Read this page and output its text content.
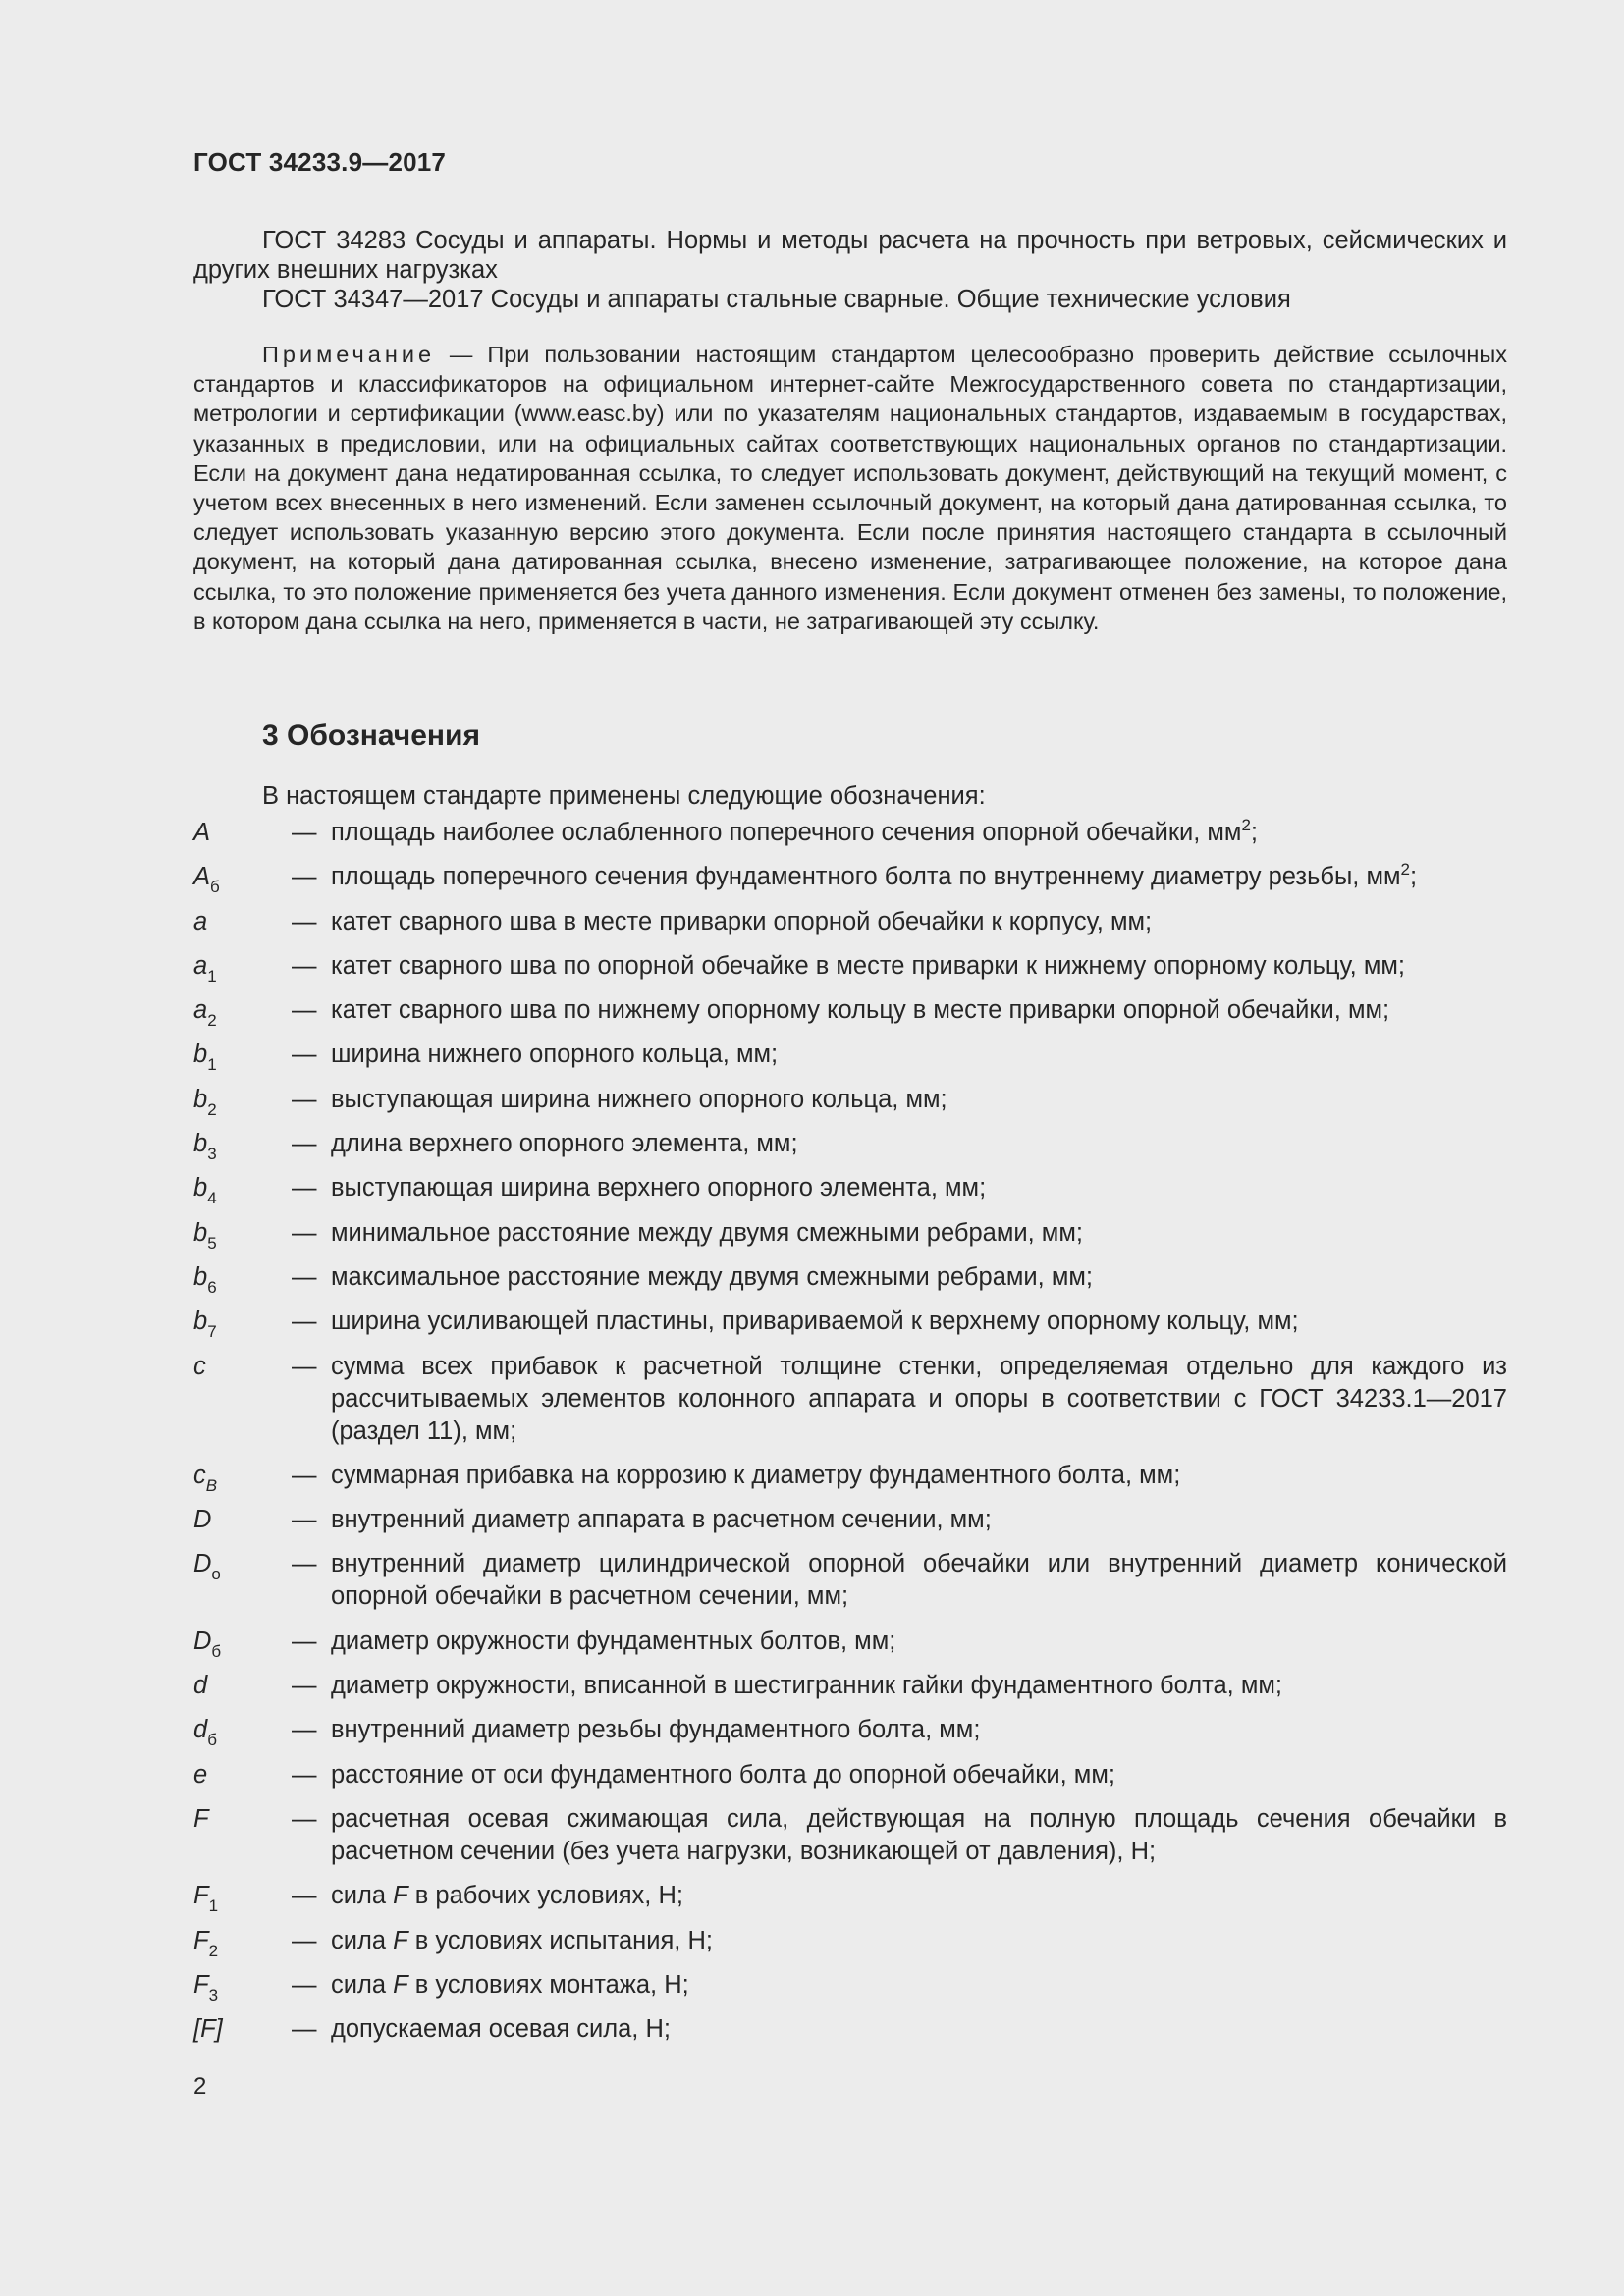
ГОСТ 34233.9—2017

ГОСТ 34283 Сосуды и аппараты. Нормы и методы расчета на прочность при ветровых, сейсмических и других внешних нагрузках

ГОСТ 34347—2017 Сосуды и аппараты стальные сварные. Общие технические условия

Примечание — При пользовании настоящим стандартом целесообразно проверить действие ссылочных стандартов и классификаторов на официальном интернет-сайте Межгосударственного совета по стандартизации, метрологии и сертификации (www.easc.by) или по указателям национальных стандартов, издаваемым в государствах, указанных в предисловии, или на официальных сайтах соответствующих национальных органов по стандартизации. Если на документ дана недатированная ссылка, то следует использовать документ, действующий на текущий момент, с учетом всех внесенных в него изменений. Если заменен ссылочный документ, на который дана датированная ссылка, то следует использовать указанную версию этого документа. Если после принятия настоящего стандарта в ссылочный документ, на который дана датированная ссылка, внесено изменение, затрагивающее положение, на которое дана ссылка, то это положение применяется без учета данного изменения. Если документ отменен без замены, то положение, в котором дана ссылка на него, применяется в части, не затрагивающей эту ссылку.
3 Обозначения
В настоящем стандарте применены следующие обозначения:
A	— площадь наиболее ослабленного поперечного сечения опорной обечайки, $мм^2$;
$A_б$	— площадь поперечного сечения фундаментного болта по внутреннему диаметру резьбы, $мм^2$;
a	— катет сварного шва в месте приварки опорной обечайки к корпусу, мм;
$a_1$	— катет сварного шва по опорной обечайке в месте приварки к нижнему опорному кольцу, мм;
$a_2$	— катет сварного шва по нижнему опорному кольцу в месте приварки опорной обечайки, мм;
$b_1$	— ширина нижнего опорного кольца, мм;
$b_2$	— выступающая ширина нижнего опорного кольца, мм;
$b_3$	— длина верхнего опорного элемента, мм;
$b_4$	— выступающая ширина верхнего опорного элемента, мм;
$b_5$	— минимальное расстояние между двумя смежными ребрами, мм;
$b_6$	— максимальное расстояние между двумя смежными ребрами, мм;
$b_7$	— ширина усиливающей пластины, привариваемой к верхнему опорному кольцу, мм;
c	— сумма всех прибавок к расчетной толщине стенки, определяемая отдельно для каждого из рассчитываемых элементов колонного аппарата и опоры в соответствии с ГОСТ 34233.1—2017 (раздел 11), мм;
$c_B$	— суммарная прибавка на коррозию к диаметру фундаментного болта, мм;
D	— внутренний диаметр аппарата в расчетном сечении, мм;
$D_o$	— внутренний диаметр цилиндрической опорной обечайки или внутренний диаметр конической опорной обечайки в расчетном сечении, мм;
$D_б$	— диаметр окружности фундаментных болтов, мм;
d	— диаметр окружности, вписанной в шестигранник гайки фундаментного болта, мм;
$d_б$	— внутренний диаметр резьбы фундаментного болта, мм;
e	— расстояние от оси фундаментного болта до опорной обечайки, мм;
F	— расчетная осевая сжимающая сила, действующая на полную площадь сечения обечайки в расчетном сечении (без учета нагрузки, возникающей от давления), Н;
$F_1$	— сила F в рабочих условиях, Н;
$F_2$	— сила F в условиях испытания, Н;
$F_3$	— сила F в условиях монтажа, Н;
[F]	— допускаемая осевая сила, Н;
2
